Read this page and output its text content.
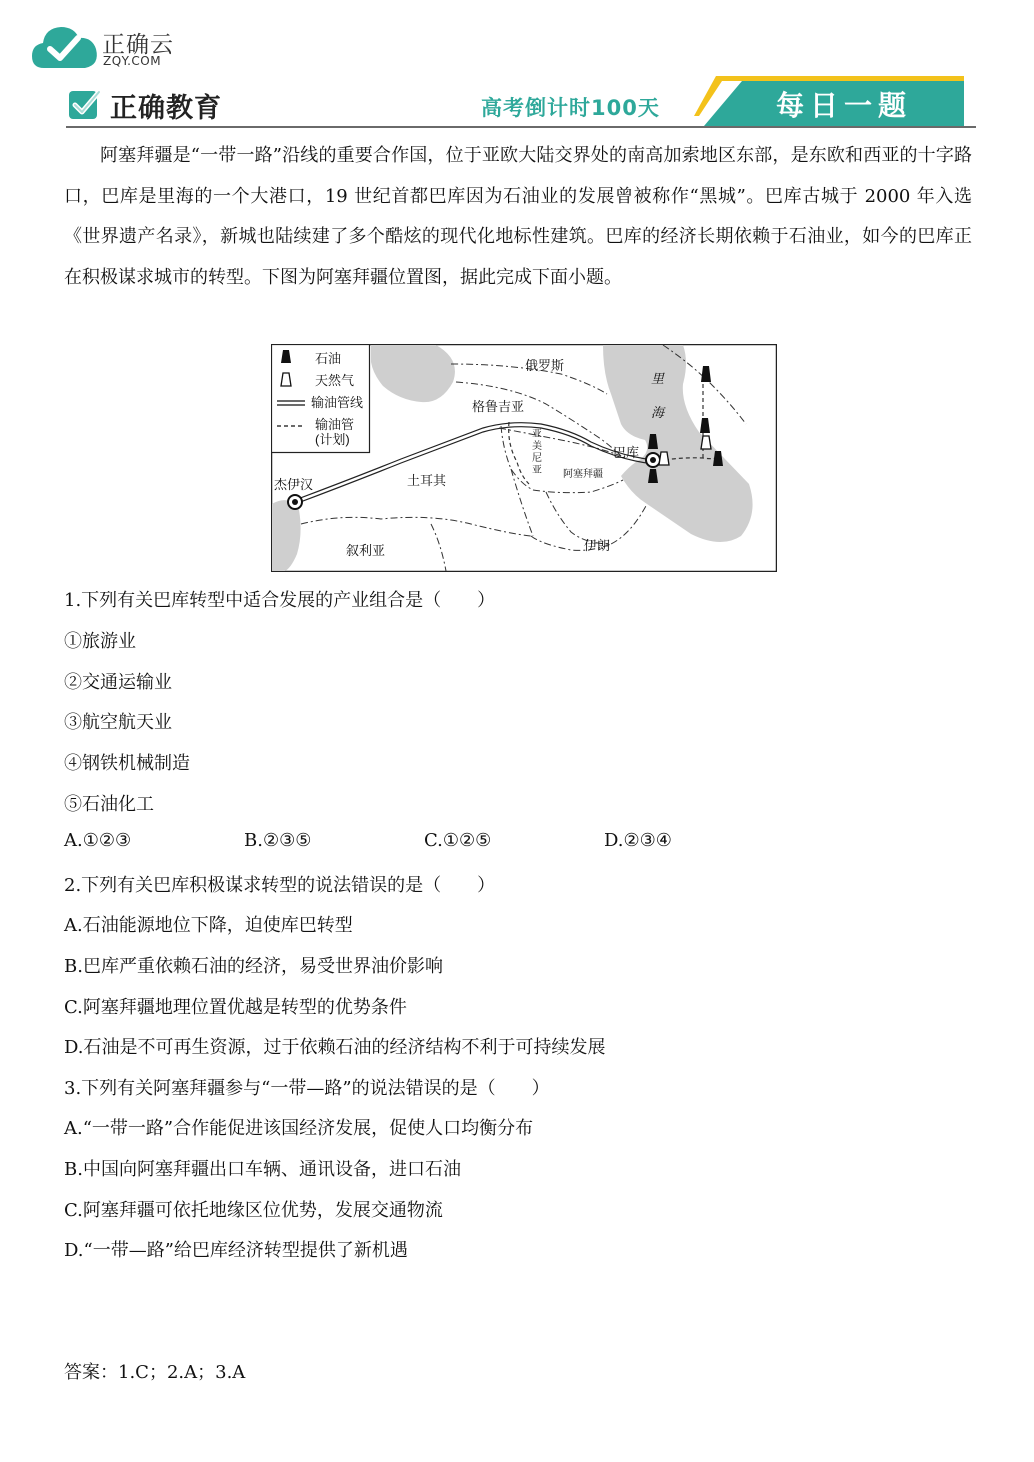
正确云
ZQY.COM
正确教育	高考倒计时100天	每日一题

阿塞拜疆是“一带一路”沿线的重要合作国，位于亚欧大陆交界处的南高加索地区东部，是东欧和西亚的十字路口，巴库是里海的一个大港口，19 世纪首都巴库因为石油业的发展曾被称作“黑城”。巴库古城于 2000 年入选《世界遗产名录》，新城也陆续建了多个酷炫的现代化地标性建筑。巴库的经济长期依赖于石油业，如今的巴库正在积极谋求城市的转型。下图为阿塞拜疆位置图，据此完成下面小题。

石油
天然气
输油管线
输油管
(计划)
俄罗斯
里
海
格鲁吉亚
巴库
杰伊汉	土耳其
叙利亚	伊朗
亚
美
尼
亚 阿塞拜疆
1.下列有关巴库转型中适合发展的产业组合是（　　）
①旅游业
②交通运输业
③航空航天业
④钢铁机械制造
⑤石油化工
A.①②③	B.②③⑤	C.①②⑤	D.②③④
2.下列有关巴库积极谋求转型的说法错误的是（　　）
A.石油能源地位下降，迫使库巴转型
B.巴库严重依赖石油的经济，易受世界油价影响
C.阿塞拜疆地理位置优越是转型的优势条件
D.石油是不可再生资源，过于依赖石油的经济结构不利于可持续发展
3.下列有关阿塞拜疆参与“一带—路”的说法错误的是（　　）
A.“一带一路”合作能促进该国经济发展，促使人口均衡分布
B.中国向阿塞拜疆出口车辆、通讯设备，进口石油
C.阿塞拜疆可依托地缘区位优势，发展交通物流
D.“一带—路”给巴库经济转型提供了新机遇
答案：1.C；2.A；3.A
